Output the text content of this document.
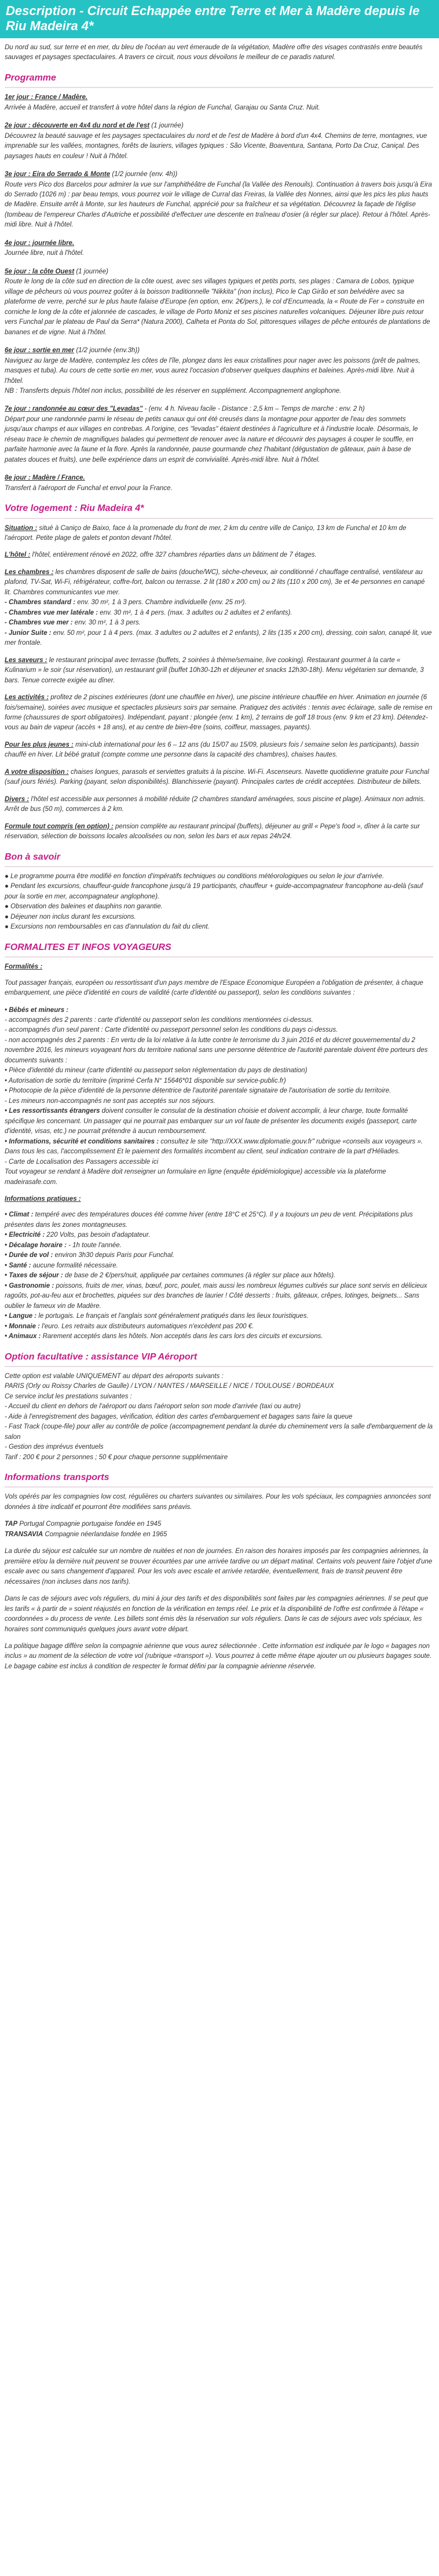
Description - Circuit Echappée entre Terre et Mer à Madère depuis le Riu Madeira 4*

Du nord au sud, sur terre et en mer, du bleu de l'océan au vert émeraude de la végétation, Madère offre des visages contrastés entre beautés sauvages et paysages spectaculaires. A travers ce circuit, nous vous dévoilons le meilleur de ce paradis naturel.

Programme
1er jour : France / Madère.
Arrivée à Madère, accueil et transfert à votre hôtel dans la région de Funchal, Garajau ou Santa Cruz. Nuit.
2e jour : découverte en 4x4 du nord et de l'est (1 journée)
Découvrez la beauté sauvage et les paysages spectaculaires du nord et de l'est de Madère à bord d'un 4x4. Chemins de terre, montagnes, vue imprenable sur les vallées, montagnes, forêts de lauriers, villages typiques : São Vicente, Boaventura, Santana, Porto Da Cruz, Caniçal. Des paysages hauts en couleur ! Nuit à l'hôtel.
3e jour : Eira do Serrado & Monte (1/2 journée (env. 4h))
Route vers Pico dos Barcelos pour admirer la vue sur l'amphithéâtre de Funchal (la Vallée des Renouils). Continuation à travers bois jusqu'à Eira do Serrado (1026 m) : par beau temps, vous pourrez voir le village de Curral das Freiras, la Vallée des Nonnes, ainsi que les pics les plus hauts de Madère. Ensuite arrêt à Monte, sur les hauteurs de Funchal, apprécié pour sa fraîcheur et sa végétation. Découvrez la façade de l'église (tombeau de l'empereur Charles d'Autriche et possibilité d'effectuer une descente en traîneau d'osier (à régler sur place). Retour à l'hôtel. Après-midi libre. Nuit à l'hôtel.
4e jour : journée libre.
Journée libre, nuit à l'hôtel.
5e jour : la côte Ouest (1 journée)
Route le long de la côte sud en direction de la côte ouest, avec ses villages typiques et petits ports, ses plages : Camara de Lobos, typique village de pêcheurs où vous pourrez goûter à la boisson traditionnelle "Nikkita" (non inclus), Pico le Cap Girão et son belvédère avec sa plateforme de verre, perché sur le plus haute falaise d'Europe (en option, env. 2€/pers.), le col d'Encumeada, la « Route de Fer » construite en corniche le long de la côte et jalonnée de cascades, le village de Porto Moniz et ses piscines naturelles volcaniques. Déjeuner libre puis retour vers Funchal par le plateau de Paul da Serra* (Natura 2000), Calheta et Ponta do Sol, pittoresques villages de pêche entourés de plantations de bananes et de vigne. Nuit à l'hôtel.
6e jour : sortie en mer (1/2 journée (env.3h))
Naviguez au large de Madère, contemplez les côtes de l'île, plongez dans les eaux cristallines pour nager avec les poissons (prêt de palmes, masques et tuba). Au cours de cette sortie en mer, vous aurez l'occasion d'observer quelques dauphins et baleines. Après-midi libre. Nuit à l'hôtel.
NB : Transferts depuis l'hôtel non inclus, possibilité de les réserver en supplément. Accompagnement anglophone.
7e jour : randonnée au cœur des "Levadas" - (env. 4 h. Niveau facile - Distance : 2,5 km – Temps de marche : env. 2 h)
Départ pour une randonnée parmi le réseau de petits canaux qui ont été creusés dans la montagne pour apporter de l'eau des sommets jusqu'aux champs et aux villages en contrebas. A l'origine, ces "levadas" étaient destinées à l'agriculture et à l'industrie locale. Désormais, le réseau trace le chemin de magnifiques balades qui permettent de renouer avec la nature et découvrir des paysages à couper le souffle, en parfaite harmonie avec la faune et la flore. Après la randonnée, pause gourmande chez l'habitant (dégustation de gâteaux, pain à base de patates douces et fruits), une belle expérience dans un esprit de convivialité. Après-midi libre. Nuit à l'hôtel.
8e jour : Madère / France.
Transfert à l'aéroport de Funchal et envol pour la France.
Votre logement : Riu Madeira 4*
Situation : situé à Caniço de Baixo, face à la promenade du front de mer, 2 km du centre ville de Caniço, 13 km de Funchal et 10 km de l'aéroport. Petite plage de galets et ponton devant l'hôtel.
L'hôtel : l'hôtel, entièrement rénové en 2022, offre 327 chambres réparties dans un bâtiment de 7 étages.
Les chambres : les chambres disposent de salle de bains (douche/WC), sèche-cheveux, air conditionné / chauffage centralisé, ventilateur au plafond, TV-Sat, Wi-Fi, réfrigérateur, coffre-fort, balcon ou terrasse. 2 lit (180 x 200 cm) ou 2 lits (110 x 200 cm), 3e et 4e personnes en canapé lit. Chambres communicantes vue mer.
- Chambres standard : env. 30 m², 1 à 3 pers. Chambre individuelle (env. 25 m²).
- Chambres vue mer latérale : env. 30 m², 1 à 4 pers. (max. 3 adultes ou 2 adultes et 2 enfants).
- Chambres vue mer : env. 30 m², 1 à 3 pers.
- Junior Suite : env. 50 m², pour 1 à 4 pers. (max. 3 adultes ou 2 adultes et 2 enfants), 2 lits (135 x 200 cm), dressing, coin salon, canapé lit, vue mer frontale.
Les saveurs : le restaurant principal avec terrasse (buffets, 2 soirées à thème/semaine, live cooking). Restaurant gourmet à la carte « Kulinarium » le soir (sur réservation), un restaurant grill (buffet 10h30-12h et déjeuner et snacks 12h30-18h). Menu végétarien sur demande, 3 bars. Tenue correcte exigée au dîner.
Les activités : profitez de 2 piscines extérieures (dont une chauffée en hiver), une piscine intérieure chauffée en hiver. Animation en journée (6 fois/semaine), soirées avec musique et spectacles plusieurs soirs par semaine. Pratiquez des activités : tennis avec éclairage, salle de remise en forme (chaussures de sport obligatoires). Indépendant, payant : plongée (env. 1 km), 2 terrains de golf 18 trous (env. 9 km et 23 km). Détendez-vous au bain de vapeur (accès + 18 ans), et au centre de bien-être (soins, coiffeur, massages, payants).
Pour les plus jeunes : mini-club international pour les 6 – 12 ans (du 15/07 au 15/09, plusieurs fois / semaine selon les participants), bassin chauffé en hiver. Lit bébé gratuit (compte comme une personne dans la capacité des chambres), chaises hautes.
A votre disposition : chaises longues, parasols et serviettes gratuits à la piscine. Wi-Fi. Ascenseurs. Navette quotidienne gratuite pour Funchal (sauf jours fériés). Parking (payant, selon disponibilités). Blanchisserie (payant). Principales cartes de crédit acceptées. Distributeur de billets.
Divers : l'hôtel est accessible aux personnes à mobilité réduite (2 chambres standard aménagées, sous piscine et plage). Animaux non admis. Arrêt de bus (50 m), commerces à 2 km.
Formule tout compris (en option) : pension complète au restaurant principal (buffets), déjeuner au grill « Pepe's food », dîner à la carte sur réservation, sélection de boissons locales alcoolisées ou non, selon les bars et aux repas 24h/24.
Bon à savoir
● Le programme pourra être modifié en fonction d'impératifs techniques ou conditions météorologiques ou selon le jour d'arrivée.
● Pendant les excursions, chauffeur-guide francophone jusqu'à 19 participants, chauffeur + guide-accompagnateur francophone au-delà (sauf pour la sortie en mer, accompagnateur anglophone).
● Observation des baleines et dauphins non garantie.
● Déjeuner non inclus durant les excursions.
● Excursions non remboursables en cas d'annulation du fait du client.
FORMALITES ET INFOS VOYAGEURS
Formalités :

Tout passager français, européen ou ressortissant d'un pays membre de l'Espace Economique Européen a l'obligation de présenter, à chaque embarquement, une pièce d'identité en cours de validité (carte d'identité ou passeport), selon les conditions suivantes :

• Bébés et mineurs :
- accompagnés des 2 parents : carte d'identité ou passeport selon les conditions mentionnées ci-dessus.
- accompagnés d'un seul parent : Carte d'identité ou passeport personnel selon les conditions du pays ci-dessus.
- non accompagnés des 2 parents : En vertu de la loi relative à la lutte contre le terrorisme du 3 juin 2016 et du décret gouvernemental du 2 novembre 2016, les mineurs voyageant hors du territoire national sans une personne détentrice de l'autorité parentale doivent être porteurs des documents suivants :
• Pièce d'identité du mineur (carte d'identité ou passeport selon réglementation du pays de destination)
• Autorisation de sortie du territoire (imprimé Cerfa N° 15646*01 disponible sur service-public.fr)
• Photocopie de la pièce d'identité de la personne détentrice de l'autorité parentale signataire de l'autorisation de sortie du territoire.
- Les mineurs non-accompagnés ne sont pas acceptés sur nos séjours.
• Les ressortissants étrangers doivent consulter le consulat de la destination choisie et doivent accomplir, à leur charge, toute formalité spécifique les concernant. Un passager qui ne pourrait pas embarquer sur un vol faute de présenter les documents exigés (passeport, carte d'identité, visas, etc.) ne pourrait prétendre à aucun remboursement.
• Informations, sécurité et conditions sanitaires : consultez le site "http://XXX.www.diplomatie.gouv.fr" rubrique «conseils aux voyageurs ». Dans tous les cas, l'accomplissement Et le paiement des formalités incombent au client, seul indication contraire de la part d'Héliades.
- Carte de Localisation des Passagers accessible ici
Tout voyageur se rendant à Madère doit renseigner un formulaire en ligne (enquête épidémiologique) accessible via la plateforme madeirasafe.com.
Informations pratiques :
• Climat : tempéré avec des températures douces été comme hiver (entre 18°C et 25°C). Il y a toujours un peu de vent. Précipitations plus présentes dans les zones montagneuses.
• Electricité : 220 Volts, pas besoin d'adaptateur.
• Décalage horaire : - 1h toute l'année.
• Durée de vol : environ 3h30 depuis Paris pour Funchal.
• Santé : aucune formalité nécessaire.
• Taxes de séjour : de base de 2 €/pers/nuit, appliquée par certaines communes (à régler sur place aux hôtels).
• Gastronomie : poissons, fruits de mer, vinas, bœuf, porc, poulet, mais aussi les nombreux légumes cultivés sur place sont servis en délicieux ragoûts, pot-au-feu aux et brochettes, piquées sur des branches de laurier ! Côté desserts : fruits, gâteaux, crêpes, lotinges, beignets... Sans oublier le fameux vin de Madère.
• Langue : le portugais. Le français et l'anglais sont généralement pratiqués dans les lieux touristiques.
• Monnaie : l'euro. Les retraits aux distributeurs automatiques n'excèdent pas 200 €.
• Animaux : Rarement acceptés dans les hôtels. Non acceptés dans les cars lors des circuits et excursions.
Option facultative : assistance VIP Aéroport
Cette option est valable UNIQUEMENT au départ des aéroports suivants :
PARIS (Orly ou Roissy Charles de Gaulle) / LYON / NANTES / MARSEILLE / NICE / TOULOUSE / BORDEAUX
Ce service inclut les prestations suivantes :
- Accueil du client en dehors de l'aéroport ou dans l'aéroport selon son mode d'arrivée (taxi ou autre)
- Aide à l'enregistrement des bagages, vérification, édition des cartes d'embarquement et bagages sans faire la queue
- Fast Track (coupe-file) pour aller au contrôle de police (accompagnement pendant la durée du cheminement vers la salle d'embarquement de la salon
- Gestion des imprévus éventuels
Tarif : 200 € pour 2 personnes ; 50 € pour chaque personne supplémentaire
Informations transports

Vols opérés par les compagnies low cost, régulières ou charters suivantes ou similaires. Pour les vols spéciaux, les compagnies annoncées sont données à titre indicatif et pourront être modifiées sans préavis.

TAP Portugal Compagnie portugaise fondée en 1945
TRANSAVIA Compagnie néerlandaise fondée en 1965

La durée du séjour est calculée sur un nombre de nuitées et non de journées. En raison des horaires imposés par les compagnies aériennes, la première et/ou la dernière nuit peuvent se trouver écourtées par une arrivée tardive ou un départ matinal. Certains vols peuvent faire l'objet d'une escale avec ou sans changement d'appareil. Pour les vols avec escale et arrivée retardée, éventuellement, frais de transit peuvent être nécessaires (non incluses dans nos tarifs).

Dans le cas de séjours avec vols réguliers, du mini à jour des tarifs et des disponibilités sont faites par les compagnies aériennes. Il se peut que les tarifs « à partir de » soient réajustés en fonction de la vérification en temps réel. Le prix et la disponibilité de l'offre est confirmée à l'étape « coordonnées » du process de vente. Les billets sont émis dès la réservation sur vols réguliers. Dans le cas de séjours avec vols spéciaux, les horaires sont communiqués quelques jours avant votre départ.

La politique bagage diffère selon la compagnie aérienne que vous aurez sélectionnée . Cette information est indiquée par le logo « bagages non inclus » au moment de la sélection de votre vol (rubrique «transport »). Vous pourrez à cette même étape ajouter un ou plusieurs bagages soute. Le bagage cabine est inclus à condition de respecter le format défini par la compagnie aérienne réservée.
